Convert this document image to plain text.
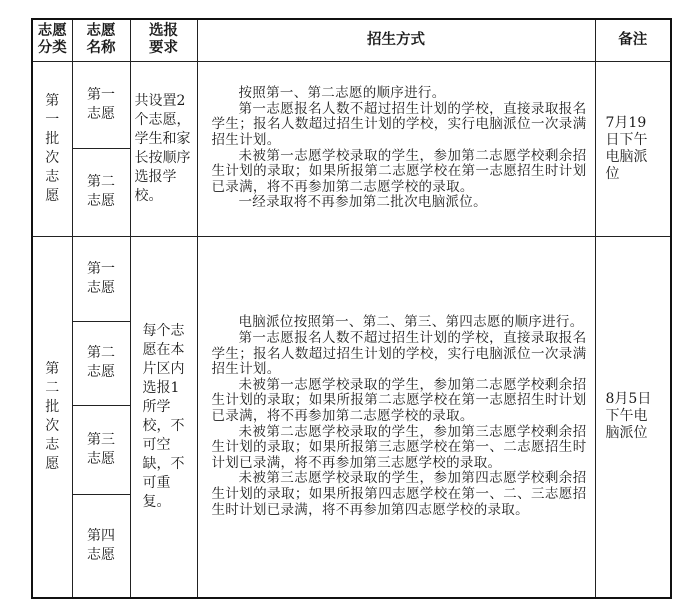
志愿分类	志愿名称	选报要求	招生方式	备注
第一批次志愿	第一志愿	共设置2个志愿，学生和家长按顺序选报学校。	按照第一、第二志愿的顺序进行。

第一志愿报名人数不超过招生计划的学校，直接录取报名学生；报名人数超过招生计划的学校，实行电脑派位一次录满招生计划。

未被第一志愿学校录取的学生，参加第二志愿学校剩余招生计划的录取；如果所报第二志愿学校在第一志愿招生时计划已录满，将不再参加第二志愿学校的录取。

一经录取将不再参加第二批次电脑派位。	7月19日下午电脑派位
	第二志愿			
第二批次志愿	第一志愿	每个志愿在本片区内选报1所学校，不可空缺，不可重复。	电脑派位按照第一、第二、第三、第四志愿的顺序进行。

第一志愿报名人数不超过招生计划的学校，直接录取报名学生；报名人数超过招生计划的学校，实行电脑派位一次录满招生计划。

未被第一志愿学校录取的学生，参加第二志愿学校剩余招生计划的录取；如果所报第二志愿学校在第一志愿招生时计划已录满，将不再参加第二志愿学校的录取。

未被第二志愿学校录取的学生，参加第三志愿学校剩余招生计划的录取；如果所报第三志愿学校在第一、二志愿招生时计划已录满，将不再参加第三志愿学校的录取。

未被第三志愿学校录取的学生，参加第四志愿学校剩余招生计划的录取；如果所报第四志愿学校在第一、二、三志愿招生时计划已录满，将不再参加第四志愿学校的录取。	8月5日下午电脑派位
	第二志愿			
	第三志愿			
	第四志愿			
